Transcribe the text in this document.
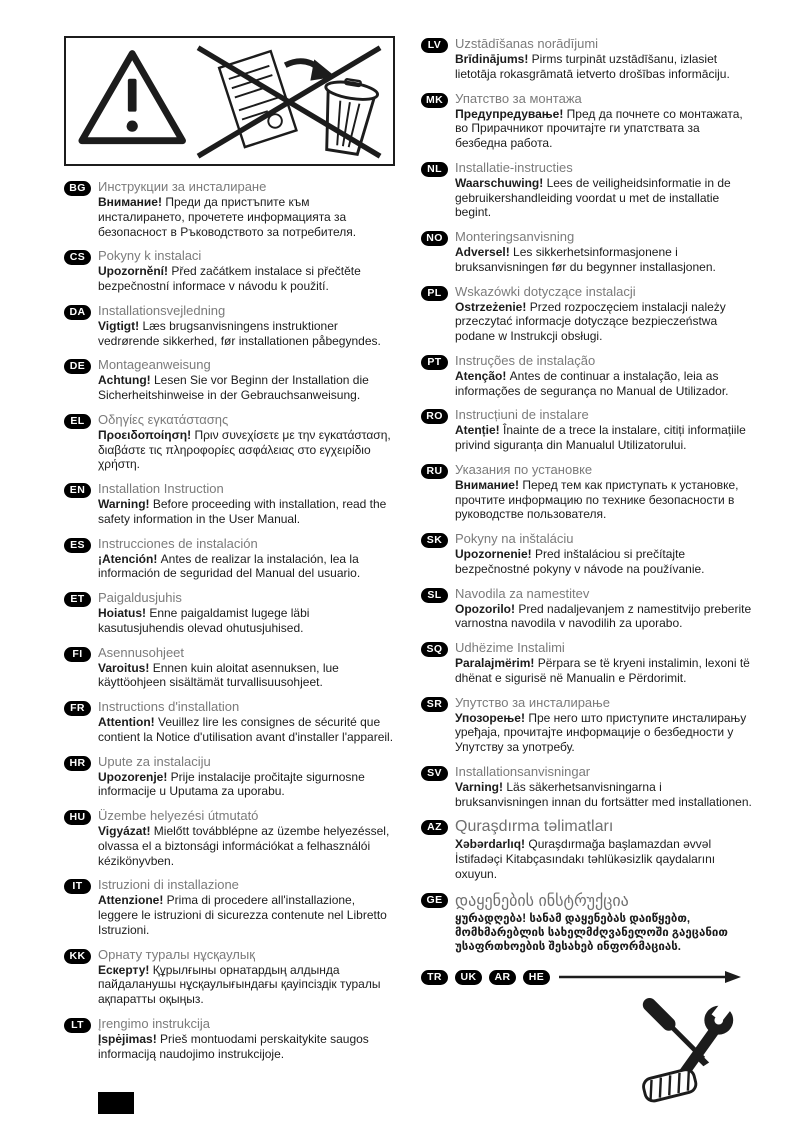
BG Инструкции за инсталиране
Внимание! Преди да пристъпите към инсталирането, прочетете информацията за безопасност в Ръководството за потребителя.
CS Pokyny k instalaci
Upozornění! Před začátkem instalace si přečtěte bezpečnostní informace v návodu k použití.
DA Installationsvejledning
Vigtigt! Læs brugsanvisningens instruktioner vedrørende sikkerhed, før installationen påbegyndes.
DE Montageanweisung
Achtung! Lesen Sie vor Beginn der Installation die Sicherheitshinweise in der Gebrauchsanweisung.
EL	Οδηγίες εγκατάστασης
Προειδοποίηση! Πριν συνεχίσετε με την εγκατάσταση, διαβάστε τις πληροφορίες ασφάλειας στο εγχειρίδιο χρήστη.
EN Installation Instruction
Warning! Before proceeding with installation, read the safety information in the User Manual.
ES	Instrucciones de instalación
¡Atención! Antes de realizar la instalación, lea la información de seguridad del Manual del usuario.
ET	Paigaldusjuhis
Hoiatus! Enne paigaldamist lugege läbi kasutusjuhendis olevad ohutusjuhised.
FI	Asennusohjeet
Varoitus! Ennen kuin aloitat asennuksen, lue käyttöohjeen sisältämät turvallisuusohjeet.
FR	Instructions d'installation
Attention! Veuillez lire les consignes de sécurité que contient la Notice d'utilisation avant d'installer l'appareil.
HR Upute za instalaciju
Upozorenje! Prije instalacije pročitajte sigurnosne informacije u Uputama za uporabu.
HU Üzembe helyezési útmutató
Vigyázat! Mielőtt továbblépne az üzembe helyezéssel, olvassa el a biztonsági információkat a felhasználói kézikönyvben.
IT	Istruzioni di installazione
Attenzione! Prima di procedere all'installazione, leggere le istruzioni di sicurezza contenute nel Libretto Istruzioni.
KK Орнату туралы нұсқаулық
Ескерту! Құрылғыны орнатардың алдында пайдаланушы нұсқаулығындағы қауіпсіздік туралы ақпаратты оқыңыз.
LT	Įrengimo instrukcija
Įspėjimas! Prieš montuodami perskaitykite saugos informaciją naudojimo instrukcijoje.
LV	Uzstādīšanas norādījumi
Brīdinājums! Pirms turpināt uzstādīšanu, izlasiet lietotāja rokasgrāmatā ietverto drošības informāciju.
MK Упатство за монтажа
Предупредување! Пред да почнете со монтажата, во Прирачникот прочитајте ги упатствата за безбедна работа.
NL	Installatie-instructies
Waarschuwing! Lees de veiligheidsinformatie in de gebruikershandleiding voordat u met de installatie begint.
NO Monteringsanvisning
Adversel! Les sikkerhetsinformasjonene i bruksanvisningen før du begynner installasjonen.
PL	Wskazówki dotyczące instalacji
Ostrzeżenie! Przed rozpoczęciem instalacji należy przeczytać informacje dotyczące bezpieczeństwa podane w Instrukcji obsługi.
PT	Instruções de instalação
Atenção! Antes de continuar a instalação, leia as informações de segurança no Manual de Utilizador.
RO Instrucțiuni de instalare
Atenție! Înainte de a trece la instalare, citiți informațiile privind siguranța din Manualul Utilizatorului.
RU Указания по установке
Внимание! Перед тем как приступать к установке, прочтите информацию по технике безопасности в руководстве пользователя.
SK Pokyny na inštaláciu
Upozornenie! Pred inštaláciou si prečítajte bezpečnostné pokyny v návode na používanie.
SL	Navodila za namestitev
Opozorilo! Pred nadaljevanjem z namestitvijo preberite varnostna navodila v navodilih za uporabo.
SQ Udhëzime Instalimi
Paralajmërim! Përpara se të kryeni instalimin, lexoni të dhënat e sigurisë në Manualin e Përdorimit.
SR Упутство за инсталирање
Упозорење! Пре него што приступите инсталирању уређаја, прочитајте информације о безбедности у Упутству за употребу.
SV	Installationsanvisningar
Varning! Läs säkerhetsanvisningarna i bruksanvisningen innan du fortsätter med installationen.
AZ Quraşdırma təlimatları
Xəbərdarlıq! Quraşdırmağa başlamazdan əvvəl İstifadəçi Kitabçasındakı təhlükəsizlik qaydalarını oxuyun.
GE დაყენების ინსტრუქცია
ყურადღება! სანამ დაყენებას დაიწყებთ, მომხმარებლის სახელმძღვანელოში გაეცანით უსაფრთხოების შესახებ ინფორმაციას.
TR	UK	AR	HE
